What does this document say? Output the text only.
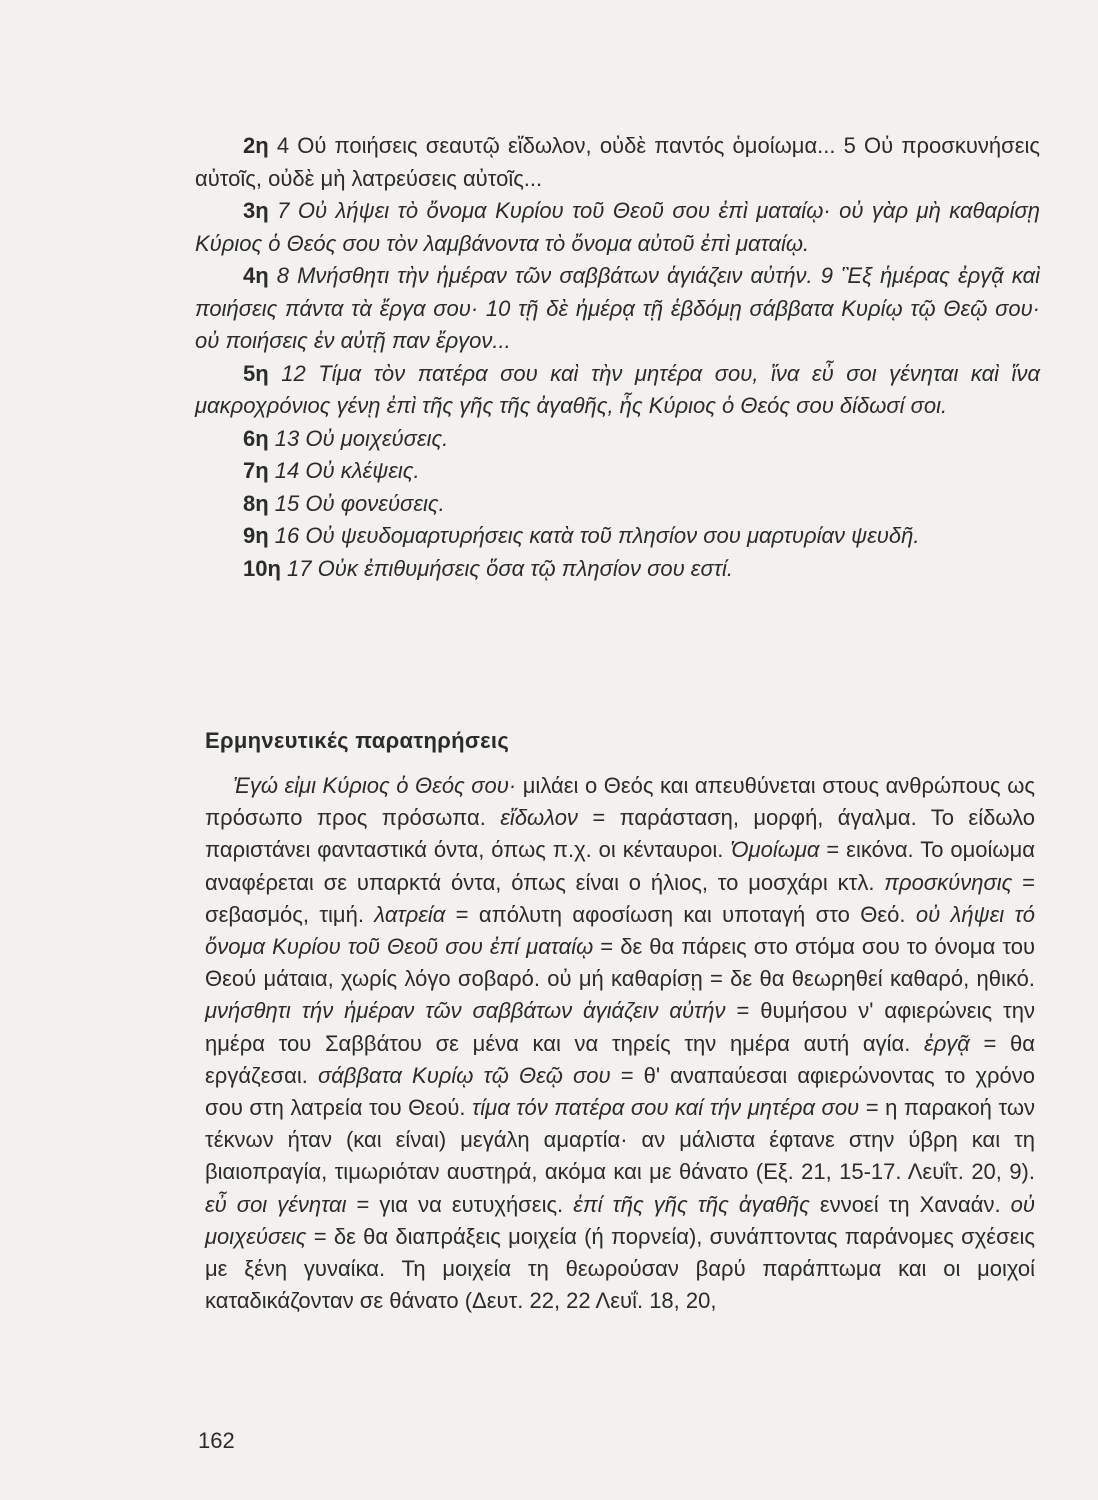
2η 4 Ού ποιήσεις σεαυτῷ εἴδωλον, οὐδὲ παντός ὁμοίωμα... 5 Οὐ προσκυνήσεις αὐτοῖς, οὐδὲ μὴ λατρεύσεις αὐτοῖς...

3η 7 Οὐ λήψει τὸ ὄνομα Κυρίου τοῦ Θεοῦ σου ἐπὶ ματαίῳ· οὐ γὰρ μὴ καθαρίσῃ Κύριος ὁ Θεός σου τὸν λαμβάνοντα τὸ ὄνομα αὐτοῦ ἐπὶ ματαίῳ.

4η 8 Μνήσθητι τὴν ἡμέραν τῶν σαββάτων ἁγιάζειν αὐτήν. 9 Ἓξ ἡμέρας ἐργᾷ καὶ ποιήσεις πάντα τὰ ἔργα σου· 10 τῇ δὲ ἡμέρᾳ τῇ ἑβδόμῃ σάββατα Κυρίῳ τῷ Θεῷ σου· οὐ ποιήσεις ἐν αὐτῇ παν ἔργον...

5η 12 Τίμα τὸν πατέρα σου καὶ τὴν μητέρα σου, ἵνα εὖ σοι γένηται καὶ ἵνα μακροχρόνιος γένῃ ἐπὶ τῆς γῆς τῆς ἀγαθῆς, ἧς Κύριος ὁ Θεός σου δίδωσί σοι.

6η 13 Οὐ μοιχεύσεις.

7η 14 Οὐ κλέψεις.

8η 15 Οὐ φονεύσεις.

9η 16 Οὐ ψευδομαρτυρήσεις κατὰ τοῦ πλησίον σου μαρτυρίαν ψευδῆ.

10η 17 Οὐκ ἐπιθυμήσεις ὅσα τῷ πλησίον σου εστί.

Ερμηνευτικές παρατηρήσεις

Ἐγώ εἰμι Κύριος ὁ Θεός σου· μιλάει ο Θεός και απευθύνεται στους ανθρώπους ως πρόσωπο προς πρόσωπα. εἴδωλον = παράσταση, μορφή, άγαλμα. Το είδωλο παριστάνει φανταστικά όντα, όπως π.χ. οι κένταυροι. Ὁμοίωμα = εικόνα. Το ομοίωμα αναφέρεται σε υπαρκτά όντα, όπως είναι ο ήλιος, το μοσχάρι κτλ. προσκύνησις = σεβασμός, τιμή. λατρεία = απόλυτη αφοσίωση και υποταγή στο Θεό. οὐ λήψει τό ὄνομα Κυρίου τοῦ Θεοῦ σου ἐπί ματαίῳ = δε θα πάρεις στο στόμα σου το όνομα του Θεού μάταια, χωρίς λόγο σοβαρό. οὐ μή καθαρίσῃ = δε θα θεωρηθεί καθαρό, ηθικό. μνήσθητι τήν ἡμέραν τῶν σαββάτων ἁγιάζειν αὐτήν = θυμήσου ν' αφιερώνεις την ημέρα του Σαββάτου σε μένα και να τηρείς την ημέρα αυτή αγία. ἐργᾷ = θα εργάζεσαι. σάββατα Κυρίῳ τῷ Θεῷ σου = θ' αναπαύεσαι αφιερώνοντας το χρόνο σου στη λατρεία του Θεού. τίμα τόν πατέρα σου καί τήν μητέρα σου = η παρακοή των τέκνων ήταν (και είναι) μεγάλη αμαρτία· αν μάλιστα έφτανε στην ύβρη και τη βιαιοπραγία, τιμωριόταν αυστηρά, ακόμα και με θάνατο (Εξ. 21, 15-17. Λευΐτ. 20, 9). εὖ σοι γένηται = για να ευτυχήσεις. ἐπί τῆς γῆς τῆς ἀγαθῆς εννοεί τη Χαναάν. οὐ μοιχεύσεις = δε θα διαπράξεις μοιχεία (ή πορνεία), συνάπτοντας παράνομες σχέσεις με ξένη γυναίκα. Τη μοιχεία τη θεωρούσαν βαρύ παράπτωμα και οι μοιχοί καταδικάζονταν σε θάνατο (Δευτ. 22, 22 Λευΐ. 18, 20,

162
